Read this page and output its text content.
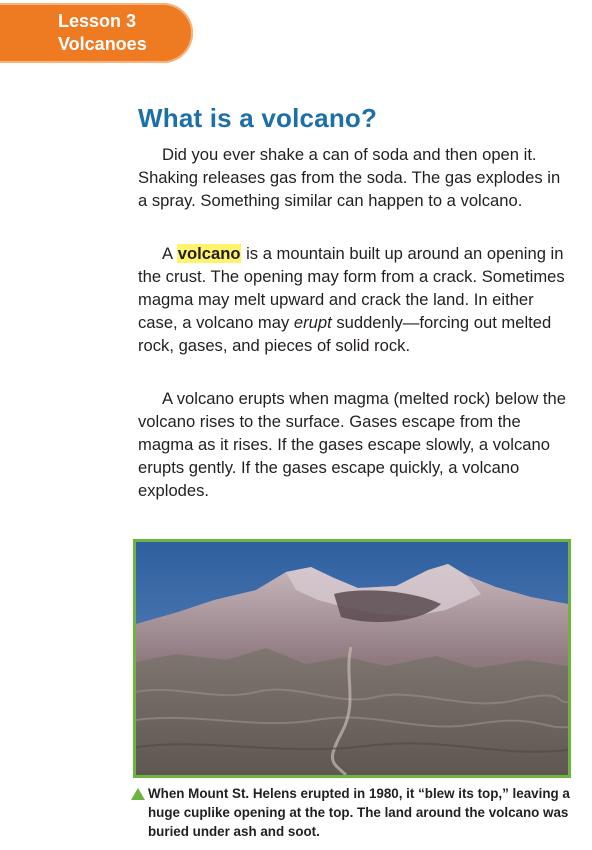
Lesson 3
Volcanoes
What is a volcano?

Did you ever shake a can of soda and then open it. Shaking releases gas from the soda. The gas explodes in a spray. Something similar can happen to a volcano.

A volcano is a mountain built up around an opening in the crust. The opening may form from a crack. Sometimes magma may melt upward and crack the land. In either case, a volcano may erupt suddenly—forcing out melted rock, gases, and pieces of solid rock.

A volcano erupts when magma (melted rock) below the volcano rises to the surface. Gases escape from the magma as it rises. If the gases escape slowly, a volcano erupts gently. If the gases escape quickly, a volcano explodes.

When Mount St. Helens erupted in 1980, it “blew its top,” leaving a huge cuplike opening at the top. The land around the volcano was buried under ash and soot.
